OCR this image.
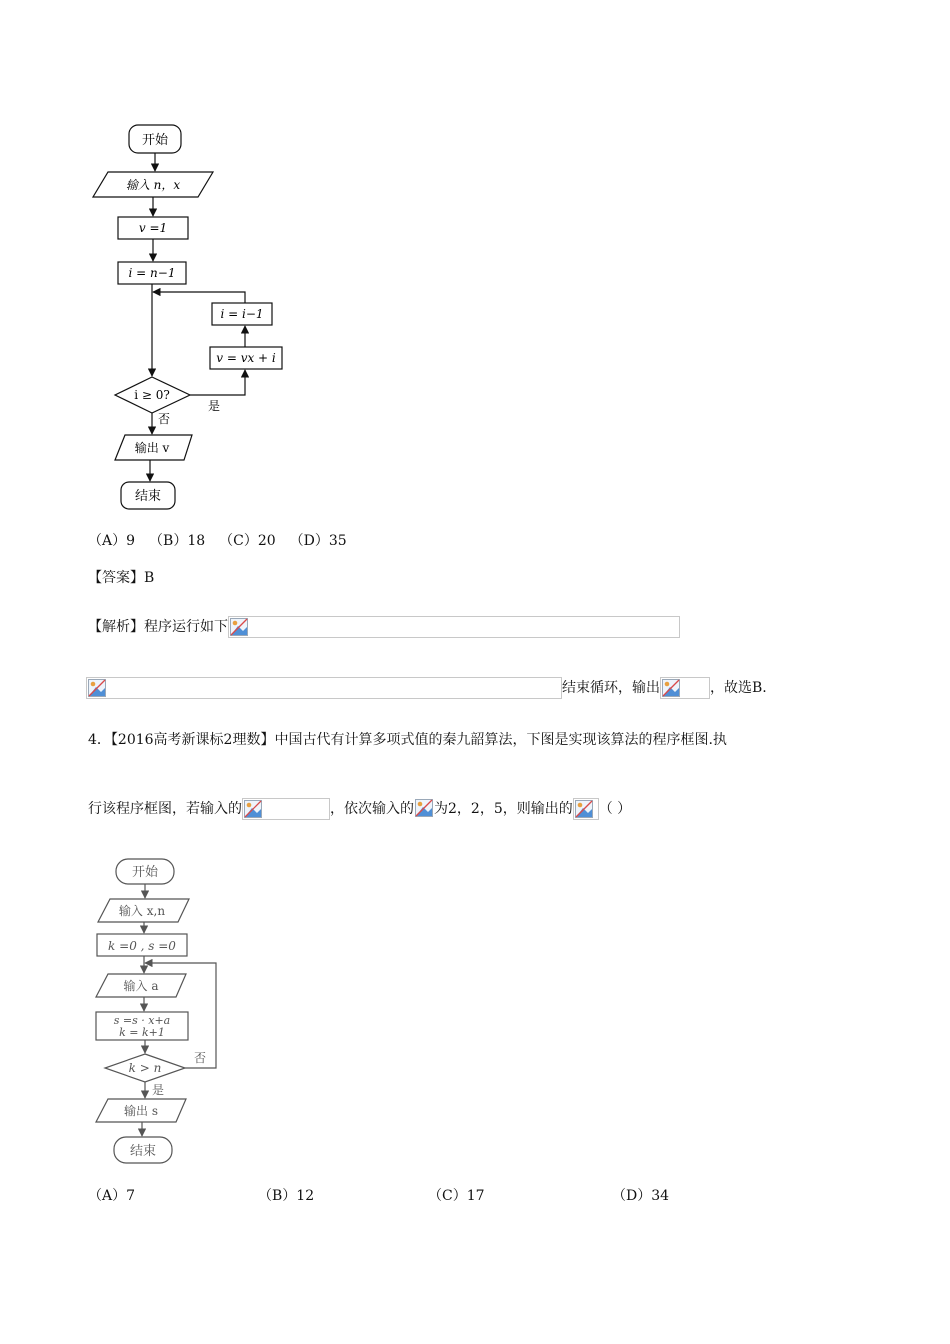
开始
输入 n，x
v =1
i = n−1
i = i−1
v = vx + i
i ≥ 0?
否
是
输出 v
结束
（A）9 （B）18 （C）20 （D）35
【答案】B
【解析】程序运行如下
结束循环，输出	，故选B.
4．【2016高考新课标2理数】中国古代有计算多项式值的秦九韶算法，下图是实现该算法的程序框图.执
行该程序框图，若输入的	，依次输入的 为2，2，5，则输出的 （ ）
开始
输入 x,n
k =0 , s =0
输入 a
s =s · x+a
k = k+1
k > n
否
是
输出 s
结束
（A）7	（B）12	（C）17	（D）34
